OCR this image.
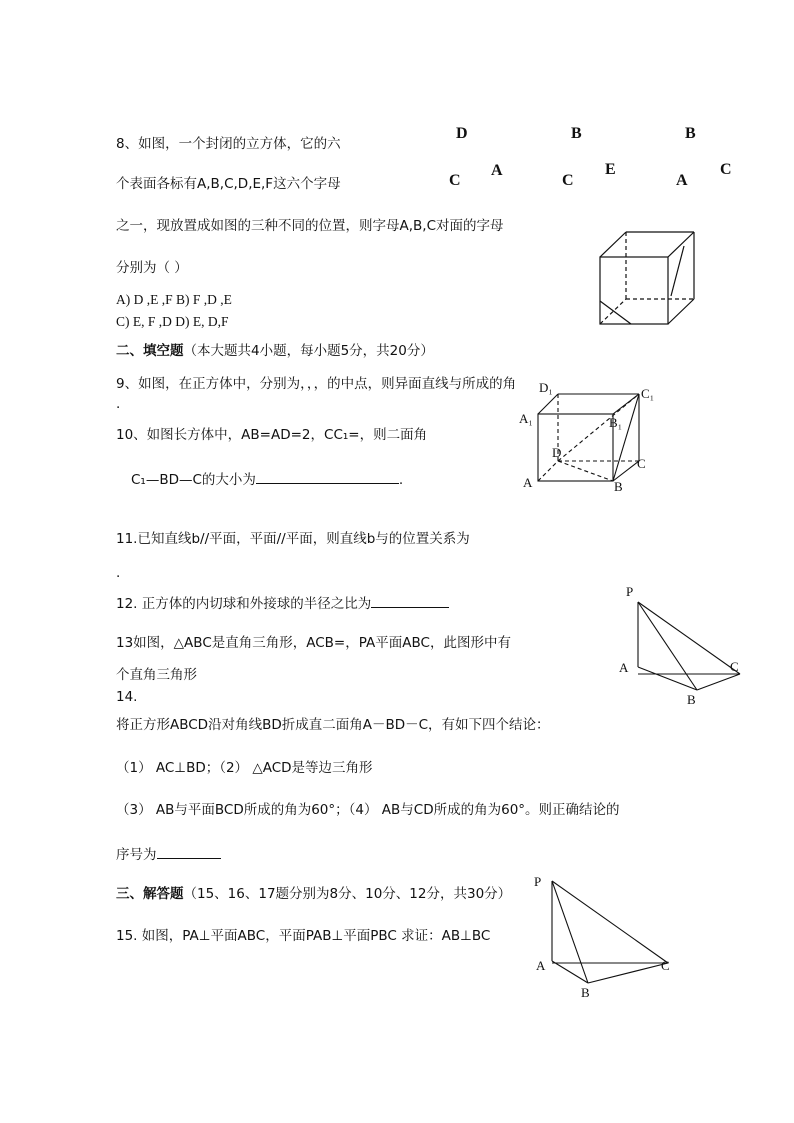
8、如图，一个封闭的立方体，它的六
个表面各标有A,B,C,D,E,F这六个字母
之一，现放置成如图的三种不同的位置，则字母A,B,C对面的字母
分别为（ ）
A) D ,E ,F B) F ,D ,E
C) E, F ,D D) E, D,F
D
C
A
B
C
E
B
A
C
二、填空题（本大题共4小题，每小题5分，共20分）
9、如图，在正方体中，分别为，，，的中点，则异面直线与所成的角
.
10、如图长方体中，AB=AD=2，CC₁=，则二面角
C₁—BD—C的大小为	.
D₁	C₁
A₁	B₁
D
C
A	B
11.已知直线b//平面，平面//平面，则直线b与的位置关系为
.
12. 正方体的内切球和外接球的半径之比为
13如图，△ABC是直角三角形，ACB=，PA平面ABC，此图形中有
个直角三角形
P
A
B
C
14.
将正方形ABCD沿对角线BD折成直二面角A－BD－C，有如下四个结论：
（1） AC⊥BD；（2） △ACD是等边三角形
（3） AB与平面BCD所成的角为60°；（4） AB与CD所成的角为60°。则正确结论的
序号为
三、解答题（15、16、17题分别为8分、10分、12分，共30分）
15. 如图，PA⊥平面ABC，平面PAB⊥平面PBC 求证：AB⊥BC
P
A
B
C
